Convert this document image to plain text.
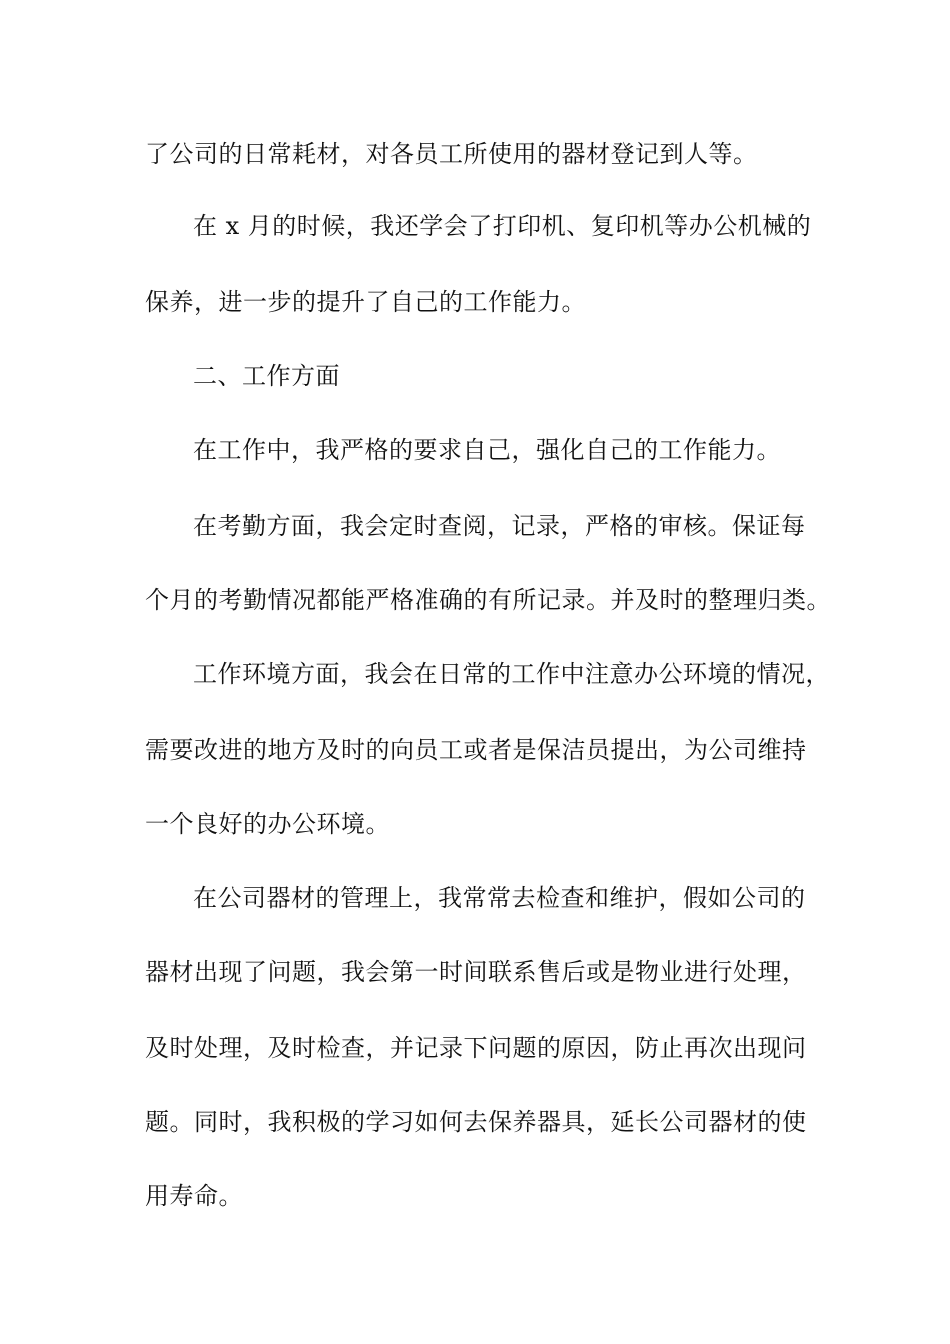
了公司的日常耗材，对各员工所使用的器材登记到人等。
在 x 月的时候，我还学会了打印机、复印机等办公机械的
保养，进一步的提升了自己的工作能力。
二、工作方面
在工作中，我严格的要求自己，强化自己的工作能力。
在考勤方面，我会定时查阅，记录，严格的审核。保证每
个月的考勤情况都能严格准确的有所记录。并及时的整理归类。
工作环境方面，我会在日常的工作中注意办公环境的情况，
需要改进的地方及时的向员工或者是保洁员提出，为公司维持
一个良好的办公环境。
在公司器材的管理上，我常常去检查和维护，假如公司的
器材出现了问题，我会第一时间联系售后或是物业进行处理，
及时处理，及时检查，并记录下问题的原因，防止再次出现问
题。同时，我积极的学习如何去保养器具，延长公司器材的使
用寿命。
